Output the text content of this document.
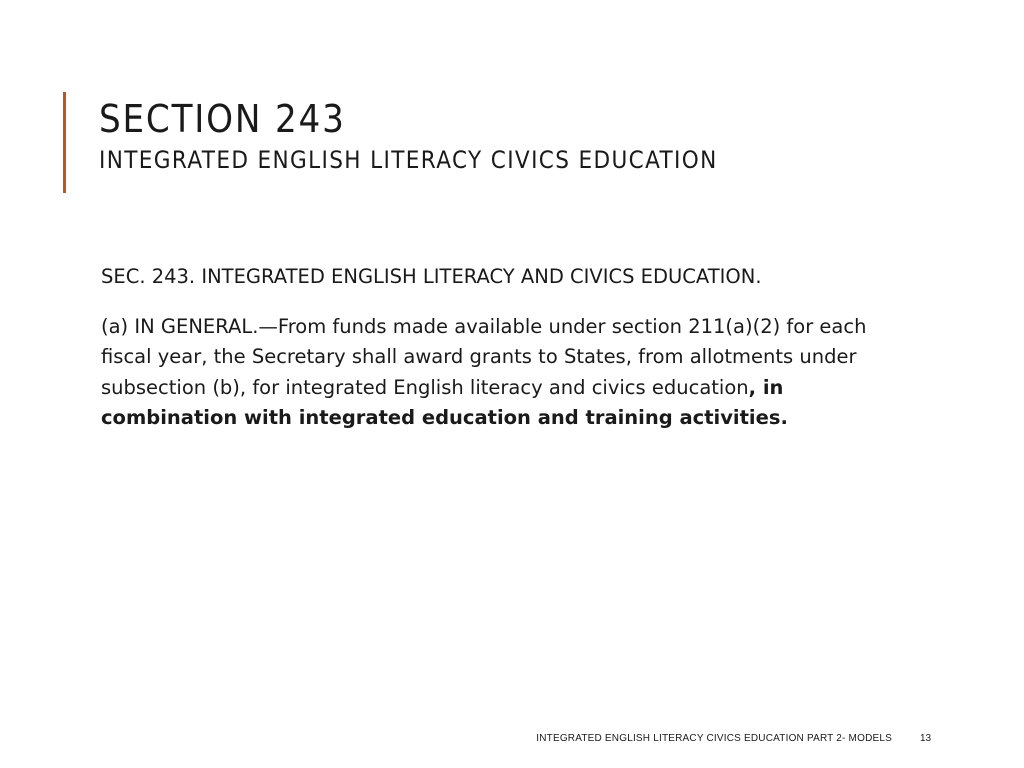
SECTION 243
INTEGRATED ENGLISH LITERACY CIVICS EDUCATION

SEC. 243. INTEGRATED ENGLISH LITERACY AND CIVICS EDUCATION.

(a) IN GENERAL.—From funds made available under section 211(a)(2) for each fiscal year, the Secretary shall award grants to States, from allotments under subsection (b), for integrated English literacy and civics education, in combination with integrated education and training activities.

INTEGRATED ENGLISH LITERACY CIVICS EDUCATION PART 2- MODELS	13
